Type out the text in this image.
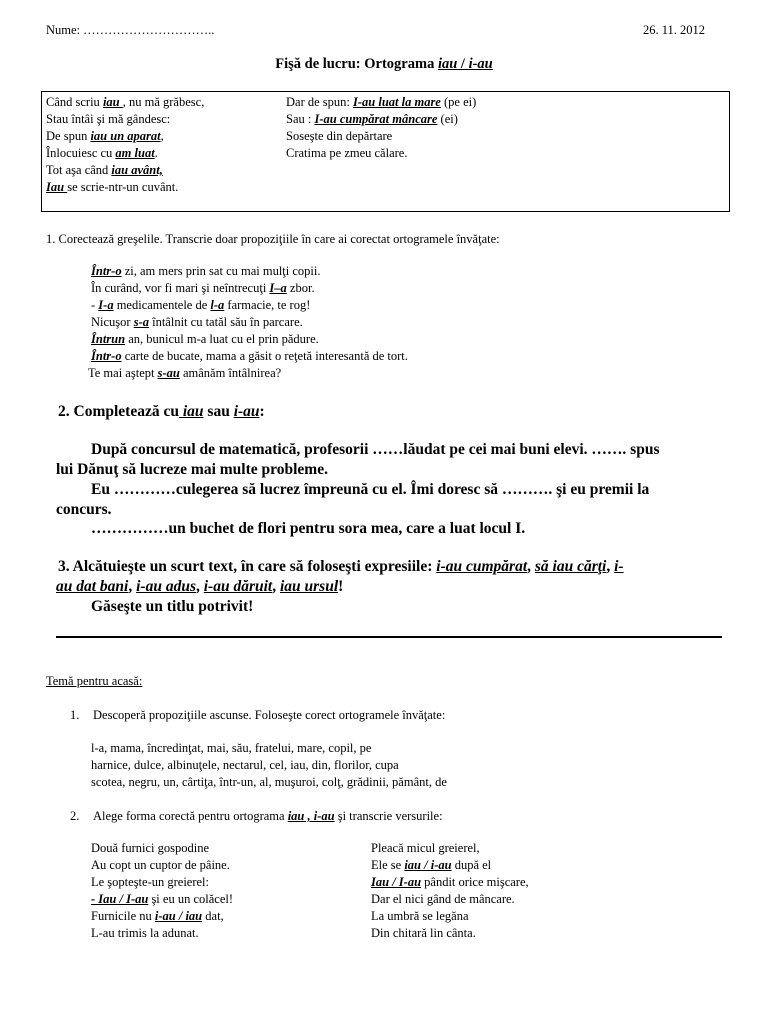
Nume: …………………………..	26. 11. 2012
Fişă de lucru: Ortograma iau / i-au
Când scriu iau , nu mă grăbesc,
Stau întâi şi mă gândesc:
De spun iau un aparat,
Înlocuiesc cu am luat.
Tot aşa când iau avânt,
Iau se scrie-ntr-un cuvânt.
Dar de spun: I-au luat la mare (pe ei)
Sau : I-au cumpărat mâncare (ei)
Soseşte din depărtare
Cratima pe zmeu călare.
1. Corectează greşelile. Transcrie doar propoziţiile în care ai corectat ortogramele învăţate:
Într-o zi, am mers prin sat cu mai mulţi copii.
În curând, vor fi mari şi neîntrecuţi I–a zbor.
- I-a medicamentele de l-a farmacie, te rog!
Nicuşor s-a întâlnit cu tatăl său în parcare.
Întrun an, bunicul m-a luat cu el prin pădure.
Într-o carte de bucate, mama a găsit o reţetă interesantă de tort.
Te mai aştept s-au amânăm întâlnirea?
2. Completează cu iau sau i-au:
După concursul de matematică, profesorii ……lăudat pe cei mai buni elevi. ……. spus
lui Dănuţ să lucreze mai multe probleme.
Eu …………culegerea să lucrez împreună cu el. Îmi doresc să ………. şi eu premii la
concurs.
……………un buchet de flori pentru sora mea, care a luat locul I.
3. Alcătuieşte un scurt text, în care să foloseşti expresiile: i-au cumpărat, să iau cărţi, i-
au dat bani, i-au adus, i-au dăruit, iau ursul!
Găseşte un titlu potrivit!
Temă pentru acasă:
1. Descoperă propoziţiile ascunse. Foloseşte corect ortogramele învăţate:
l-a, mama, încredinţat, mai, său, fratelui, mare, copil, pe
harnice, dulce, albinuţele, nectarul, cel, iau, din, florilor, cupa
scotea, negru, un, cârtiţa, într-un, al, muşuroi, colţ, grădinii, pământ, de
2. Alege forma corectă pentru ortograma iau , i-au şi transcrie versurile:
Două furnici gospodine
Au copt un cuptor de pâine.
Le şopteşte-un greierel:
- Iau / I-au şi eu un colăcel!
Furnicile nu i-au / iau dat,
L-au trimis la adunat.
Pleacă micul greierel,
Ele se iau / i-au după el
Iau / I-au pândit orice mişcare,
Dar el nici gând de mâncare.
La umbră se legăna
Din chitară lin cânta.
